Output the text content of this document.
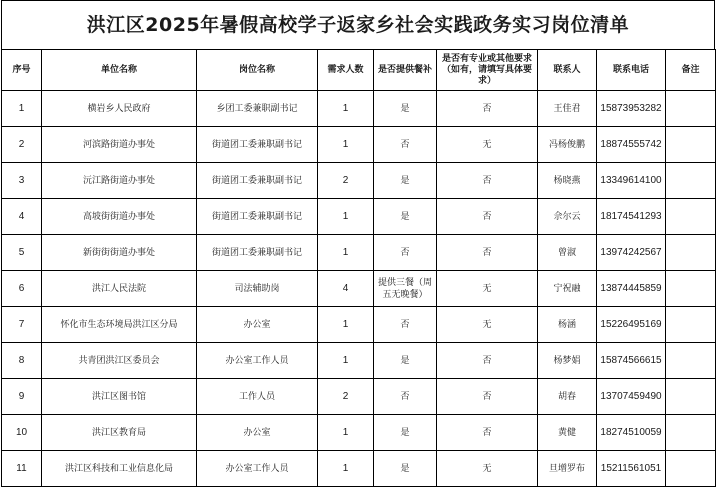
洪江区2025年暑假高校学子返家乡社会实践政务实习岗位清单
序号	单位名称	岗位名称	需求人数	是否提供餐补	是否有专业或其他要求（如有，请填写具体要求）	联系人	联系电话	备注
1	横岩乡人民政府	乡团工委兼职副书记	1	是	否	王佳君	15873953282	
2	河滨路街道办事处	街道团工委兼职副书记	1	否	无	冯杨俊鹏	18874555742	
3	沅江路街道办事处	街道团工委兼职副书记	2	是	否	杨晓燕	13349614100	
4	高坡街街道办事处	街道团工委兼职副书记	1	是	否	佘尔云	18174541293	
5	新街街街道办事处	街道团工委兼职副书记	1	否	否	曾淑	13974242567	
6	洪江人民法院	司法辅助岗	4	提供三餐（周五无晚餐）	无	宁祝融	13874445859	
7	怀化市生态环境局洪江区分局	办公室	1	否	无	杨涵	15226495169	
8	共青团洪江区委员会	办公室工作人员	1	是	否	杨梦娟	15874566615	
9	洪江区图书馆	工作人员	2	否	否	胡春	13707459490	
10	洪江区教育局	办公室	1	是	否	黄健	18274510059	
11	洪江区科技和工业信息化局	办公室工作人员	1	是	无	旦增罗布	15211561051	
